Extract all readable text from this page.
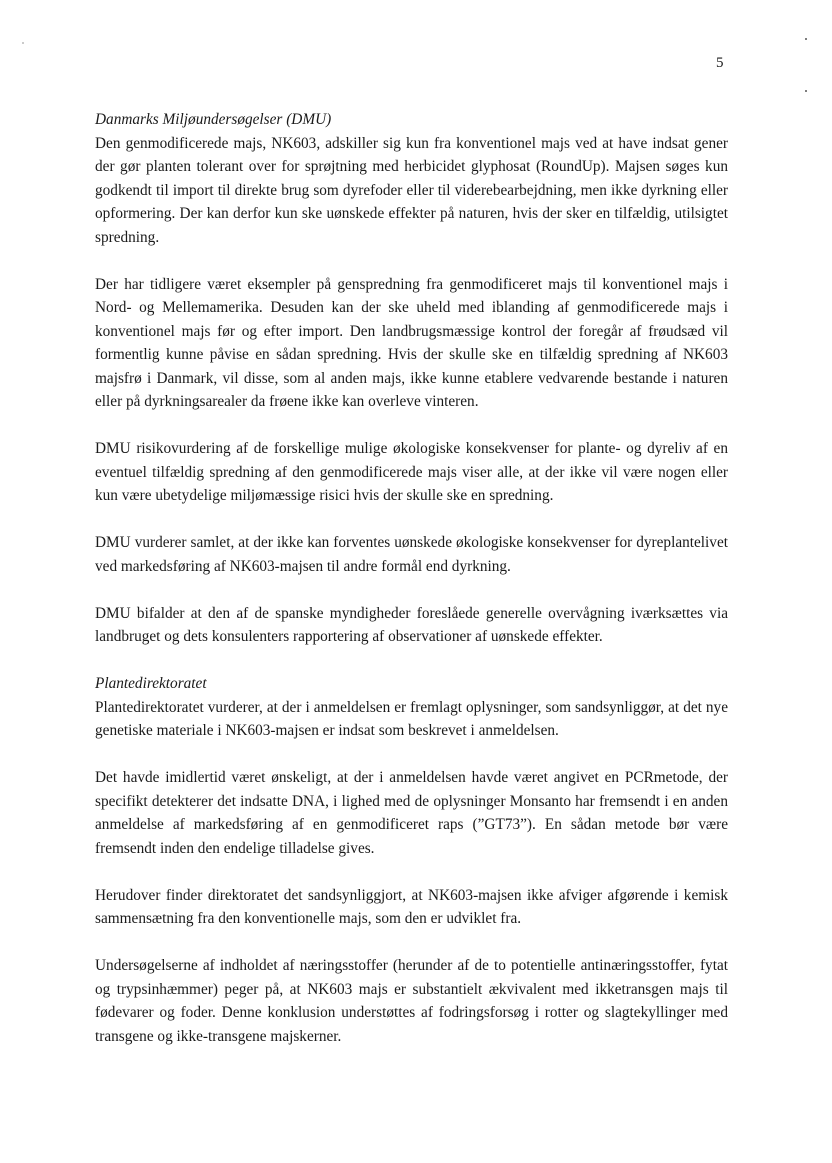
5

Danmarks Miljøundersøgelser (DMU)

Den genmodificerede majs, NK603, adskiller sig kun fra konventionel majs ved at have indsat gener der gør planten tolerant over for sprøjtning med herbicidet glyphosat (RoundUp). Majsen søges kun godkendt til import til direkte brug som dyrefoder eller til viderebearbejdning, men ikke dyrkning eller opformering. Der kan derfor kun ske uønskede effekter på naturen, hvis der sker en tilfældig, utilsigtet spredning.

Der har tidligere været eksempler på genspredning fra genmodificeret majs til konventionel majs i Nord- og Mellemamerika. Desuden kan der ske uheld med iblanding af genmodificerede majs i konventionel majs før og efter import. Den landbrugsmæssige kontrol der foregår af frøudsæd vil formentlig kunne påvise en sådan spredning. Hvis der skulle ske en tilfældig spredning af NK603 majsfrø i Danmark, vil disse, som al anden majs, ikke kunne etablere vedvarende bestande i naturen eller på dyrkningsarealer da frøene ikke kan overleve vinteren.

DMU risikovurdering af de forskellige mulige økologiske konsekvenser for plante- og dyreliv af en eventuel tilfældig spredning af den genmodificerede majs viser alle, at der ikke vil være nogen eller kun være ubetydelige miljømæssige risici hvis der skulle ske en spredning.

DMU vurderer samlet, at der ikke kan forventes uønskede økologiske konsekvenser for dyreplantelivet ved markedsføring af NK603-majsen til andre formål end dyrkning.

DMU bifalder at den af de spanske myndigheder foreslåede generelle overvågning iværksættes via landbruget og dets konsulenters rapportering af observationer af uønskede effekter.

Plantedirektoratet

Plantedirektoratet vurderer, at der i anmeldelsen er fremlagt oplysninger, som sandsynliggør, at det nye genetiske materiale i NK603-majsen er indsat som beskrevet i anmeldelsen.

Det havde imidlertid været ønskeligt, at der i anmeldelsen havde været angivet en PCRmetode, der specifikt detekterer det indsatte DNA, i lighed med de oplysninger Monsanto har fremsendt i en anden anmeldelse af markedsføring af en genmodificeret raps (”GT73”). En sådan metode bør være fremsendt inden den endelige tilladelse gives.

Herudover finder direktoratet det sandsynliggjort, at NK603-majsen ikke afviger afgørende i kemisk sammensætning fra den konventionelle majs, som den er udviklet fra.

Undersøgelserne af indholdet af næringsstoffer (herunder af de to potentielle antinæringsstoffer, fytat og trypsinhæmmer) peger på, at NK603 majs er substantielt ækvivalent med ikketransgen majs til fødevarer og foder. Denne konklusion understøttes af fodringsforsøg i rotter og slagtekyllinger med transgene og ikke-transgene majskerner.
